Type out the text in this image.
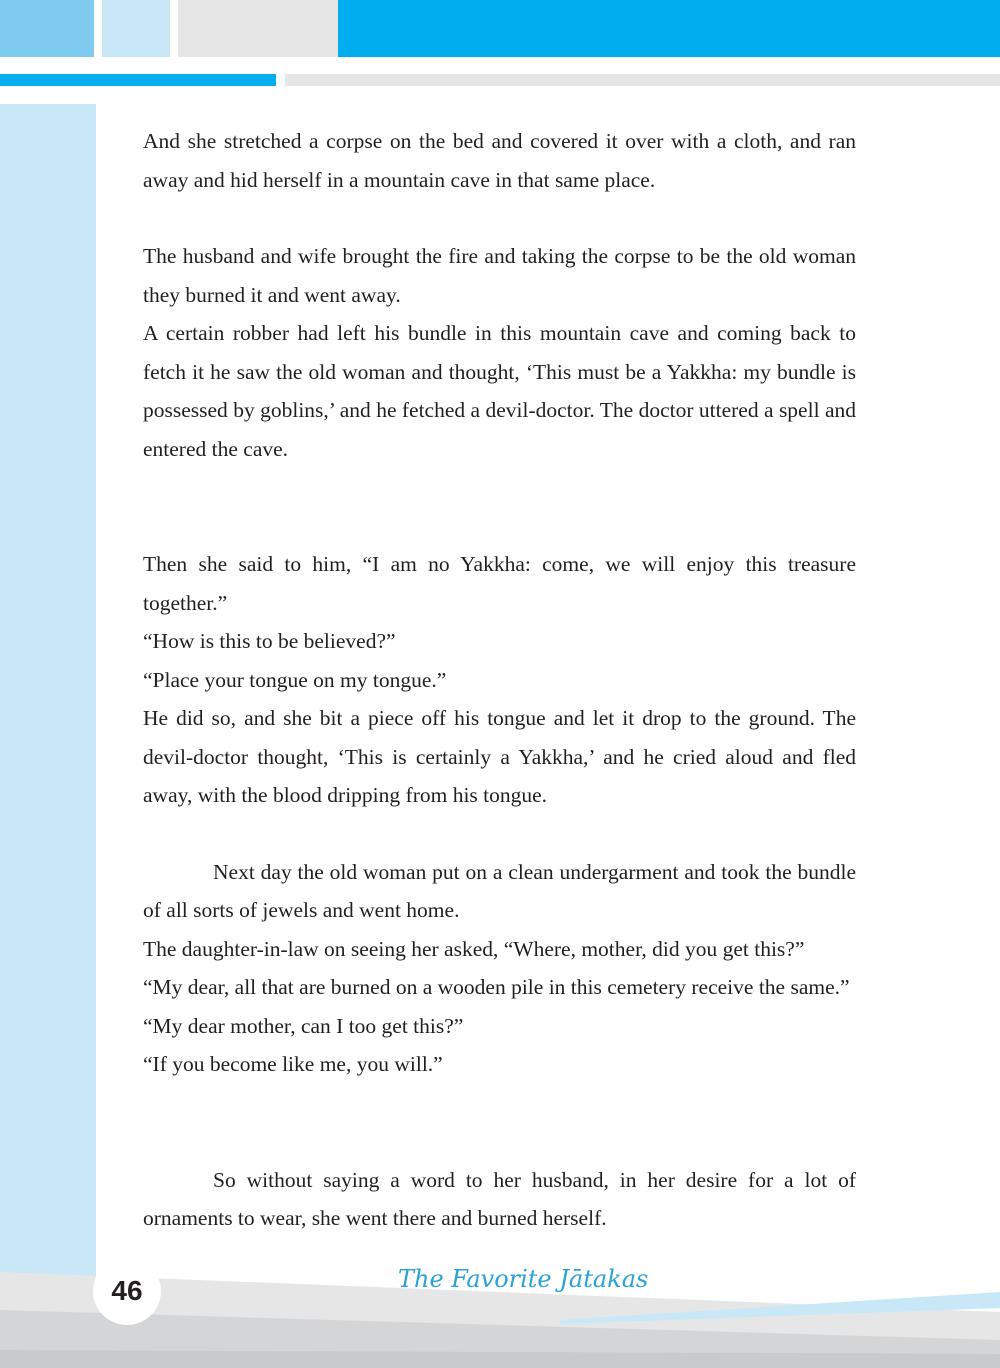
And she stretched a corpse on the bed and covered it over with a cloth, and ran away and hid herself in a mountain cave in that same place.

The husband and wife brought the fire and taking the corpse to be the old woman they burned it and went away.

A certain robber had left his bundle in this mountain cave and coming back to fetch it he saw the old woman and thought, ‘This must be a Yakkha: my bundle is possessed by goblins,’ and he fetched a devil-doctor. The doctor uttered a spell and entered the cave.

Then she said to him, “I am no Yakkha: come, we will enjoy this treasure together.”

“How is this to be believed?”

“Place your tongue on my tongue.”

He did so, and she bit a piece off his tongue and let it drop to the ground. The devil-doctor thought, ‘This is certainly a Yakkha,’ and he cried aloud and fled away, with the blood dripping from his tongue.

Next day the old woman put on a clean undergarment and took the bundle of all sorts of jewels and went home.

The daughter-in-law on seeing her asked, “Where, mother, did you get this?”

“My dear, all that are burned on a wooden pile in this cemetery receive the same.”

“My dear mother, can I too get this?”

“If you become like me, you will.”

So without saying a word to her husband, in her desire for a lot of ornaments to wear, she went there and burned herself.

46	The Favorite Jātakas
